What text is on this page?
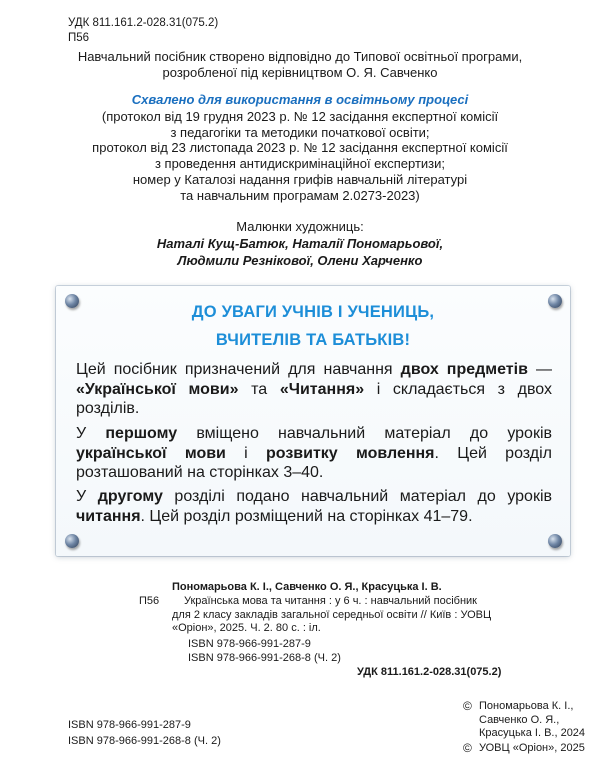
УДК 811.161.2-028.31(075.2)
П56
Навчальний посібник створено відповідно до Типової освітньої програми,
розробленої під керівництвом О. Я. Савченко
Схвалено для використання в освітньому процесі
(протокол від 19 грудня 2023 р. № 12 засідання експертної комісії
з педагогіки та методики початкової освіти;
протокол від 23 листопада 2023 р. № 12 засідання експертної комісії
з проведення антидискримінаційної експертизи;
номер у Каталозі надання грифів навчальній літературі
та навчальним програмам 2.0273-2023)
Малюнки художниць:
Наталі Кущ-Батюк, Наталії Пономарьової,
Людмили Резнікової, Олени Харченко
ДО УВАГИ УЧНІВ І УЧЕНИЦЬ,
ВЧИТЕЛІВ ТА БАТЬКІВ!
Цей посібник призначений для навчання двох предметів — «Української мови» та «Читання» і складається з двох розділів.
У першому вміщено навчальний матеріал до уроків української мови і розвитку мовлення. Цей розділ розташований на сторінках 3–40.
У другому розділі подано навчальний матеріал до уроків читання. Цей розділ розміщений на сторінках 41–79.
П56
Пономарьова К. І., Савченко О. Я., Красуцька І. В.
Українська мова та читання : у 6 ч. : навчальний посібник
для 2 класу закладів загальної середньої освіти // Київ : УОВЦ
«Оріон», 2025. Ч. 2. 80 с. : іл.
ISBN 978-966-991-287-9
ISBN 978-966-991-268-8 (Ч. 2)
УДК 811.161.2-028.31(075.2)
ISBN 978-966-991-287-9
ISBN 978-966-991-268-8 (Ч. 2)
© Пономарьова К. І.,
Савченко О. Я.,
Красуцька І. В., 2024
© УОВЦ «Оріон», 2025
